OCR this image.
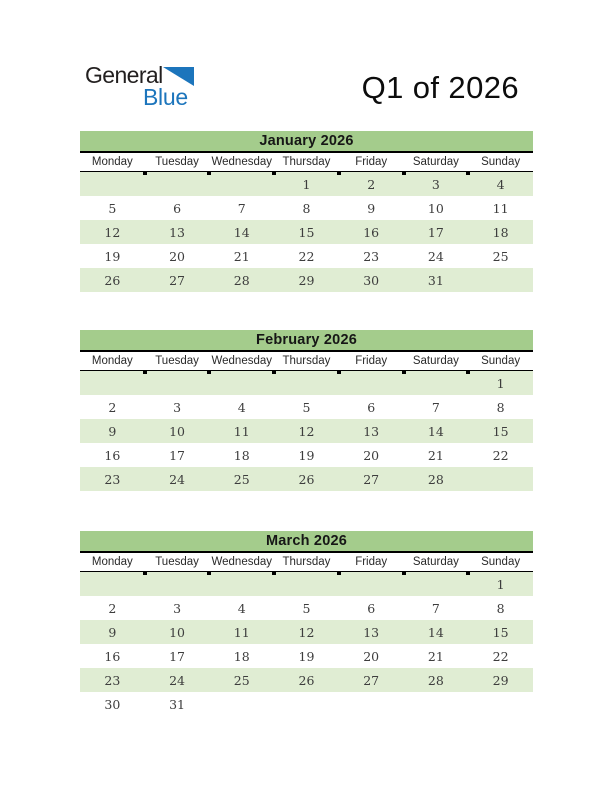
General
Blue	Q1 of 2026
January 2026
Monday	Tuesday	Wednesday	Thursday	Friday	Saturday	Sunday
			1	2	3	4
5	6	7	8	9	10	11
12	13	14	15	16	17	18
19	20	21	22	23	24	25
26	27	28	29	30	31	
February 2026
Monday	Tuesday	Wednesday	Thursday	Friday	Saturday	Sunday
						1
2	3	4	5	6	7	8
9	10	11	12	13	14	15
16	17	18	19	20	21	22
23	24	25	26	27	28	
March 2026
Monday	Tuesday	Wednesday	Thursday	Friday	Saturday	Sunday
						1
2	3	4	5	6	7	8
9	10	11	12	13	14	15
16	17	18	19	20	21	22
23	24	25	26	27	28	29
30	31					
